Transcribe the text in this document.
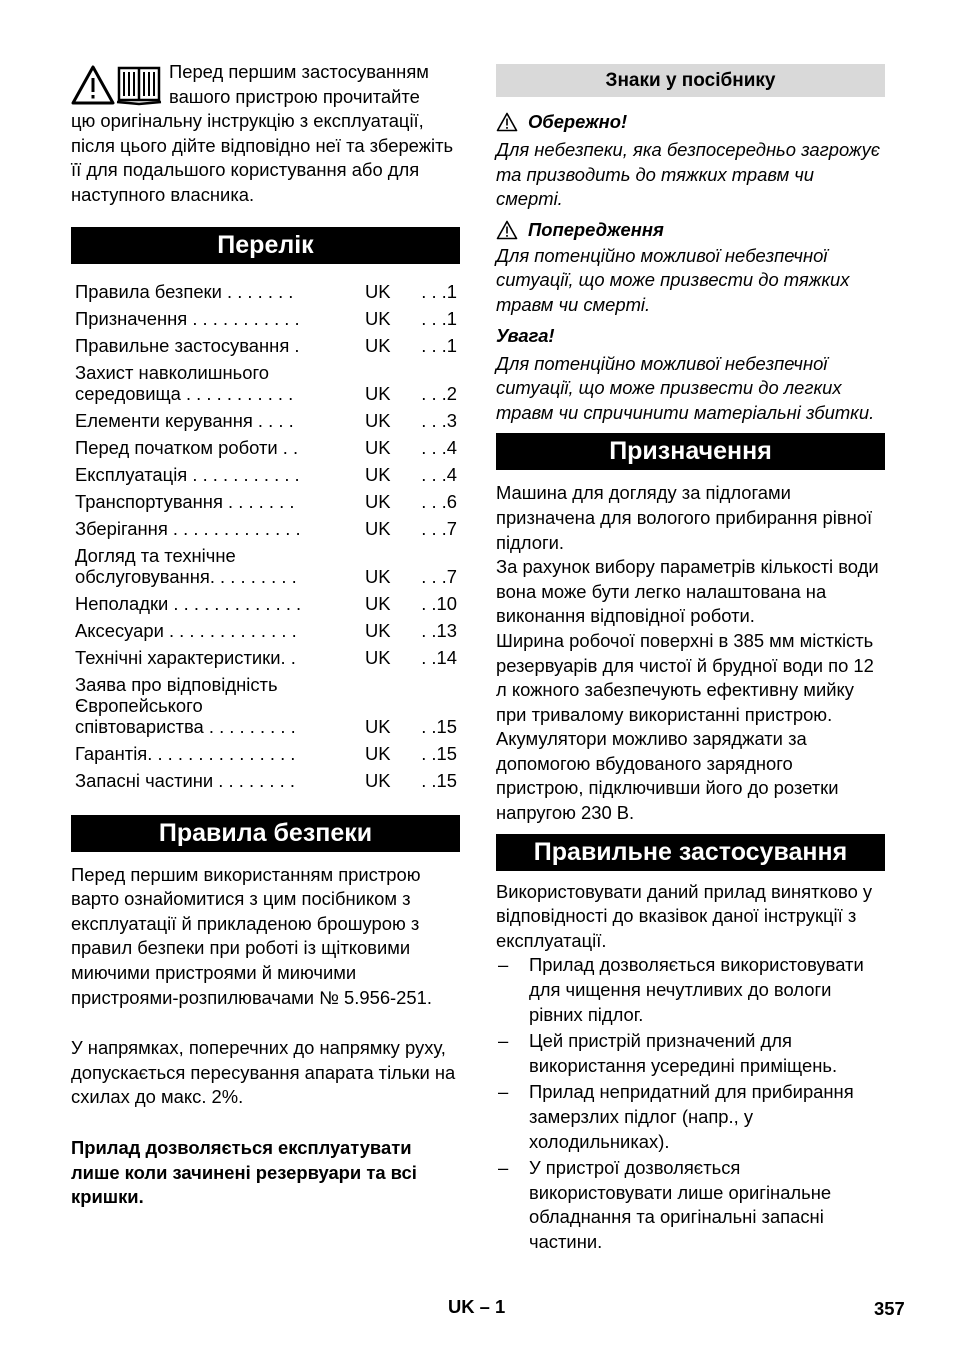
Перед першим застосуванням

вашого пристрою прочитайте

цю оригінальну інструкцію з експлуатації, після цього дійте відповідно неї та збережіть її для подальшого користування або для наступного власника.

Перелік
Правила безпеки . . . . . . .	UK	. . .1
Призначення . . . . . . . . . . .	UK	. . .1
Правильне застосування .	UK	. . .1
Захист навколишнього
середовища . . . . . . . . . . .	UK	. . .2
Елементи керування . . . .	UK	. . .3
Перед початком роботи . .	UK	. . .4
Експлуатація . . . . . . . . . . .	UK	. . .4
Транспортування . . . . . . .	UK	. . .6
Зберігання . . . . . . . . . . . . .	UK	. . .7
Догляд та технічне
обслуговування. . . . . . . . .	UK	. . .7
Неполадки . . . . . . . . . . . . .	UK	. .10
Аксесуари . . . . . . . . . . . . .	UK	. .13
Технічні характеристики. .	UK	. .14
Заява про відповідність
Європейського
співтовариства . . . . . . . . .	UK	. .15
Гарантія. . . . . . . . . . . . . . .	UK	. .15
Запасні частини . . . . . . . .	UK	. .15
Правила безпеки

Перед першим використанням пристрою варто ознайомитися з цим посібником з експлуатації й прикладеною брошурою з правил безпеки при роботі із щітковими миючими пристроями й миючими пристроями-розпилювачами № 5.956-251.

У напрямках, поперечних до напрямку руху, допускається пересування апарата тільки на схилах до макс. 2%.

Прилад дозволяється експлуатувати лише коли зачинені резервуари та всі кришки.

Знаки у посібнику
Обережно!

Для небезпеки, яка безпосередньо загрожує та призводить до тяжких травм чи смерті.

Попередження

Для потенційно можливої небезпечної ситуації, що може призвести до тяжких травм чи смерті.

Увага!

Для потенційно можливої небезпечної ситуації, що може призвести до легких травм чи спричинити матеріальні збитки.

Призначення

Машина для догляду за підлогами призначена для вологого прибирання рівної підлоги.

За рахунок вибору параметрів кількості води вона може бути легко налаштована на виконання відповідної роботи.

Ширина робочої поверхні в 385 мм місткість резервуарів для чистої й брудної води по 12 л кожного забезпечують ефективну мийку при тривалому використанні пристрою.

Акумулятори можливо заряджати за допомогою вбудованого зарядного пристрою, підключивши його до розетки напругою 230 В.

Правильне застосування

Використовувати даний прилад винятково у відповідності до вказівок даної інструкції з експлуатації.

– Прилад дозволяється використовувати для чищення нечутливих до вологи рівних підлог.
– Цей пристрій призначений для використання усередині приміщень.
– Прилад непридатний для прибирання замерзлих підлог (напр., у холодильниках).
– У пристрої дозволяється використовувати лише оригінальне обладнання та оригінальні запасні частини.
UK – 1	357
